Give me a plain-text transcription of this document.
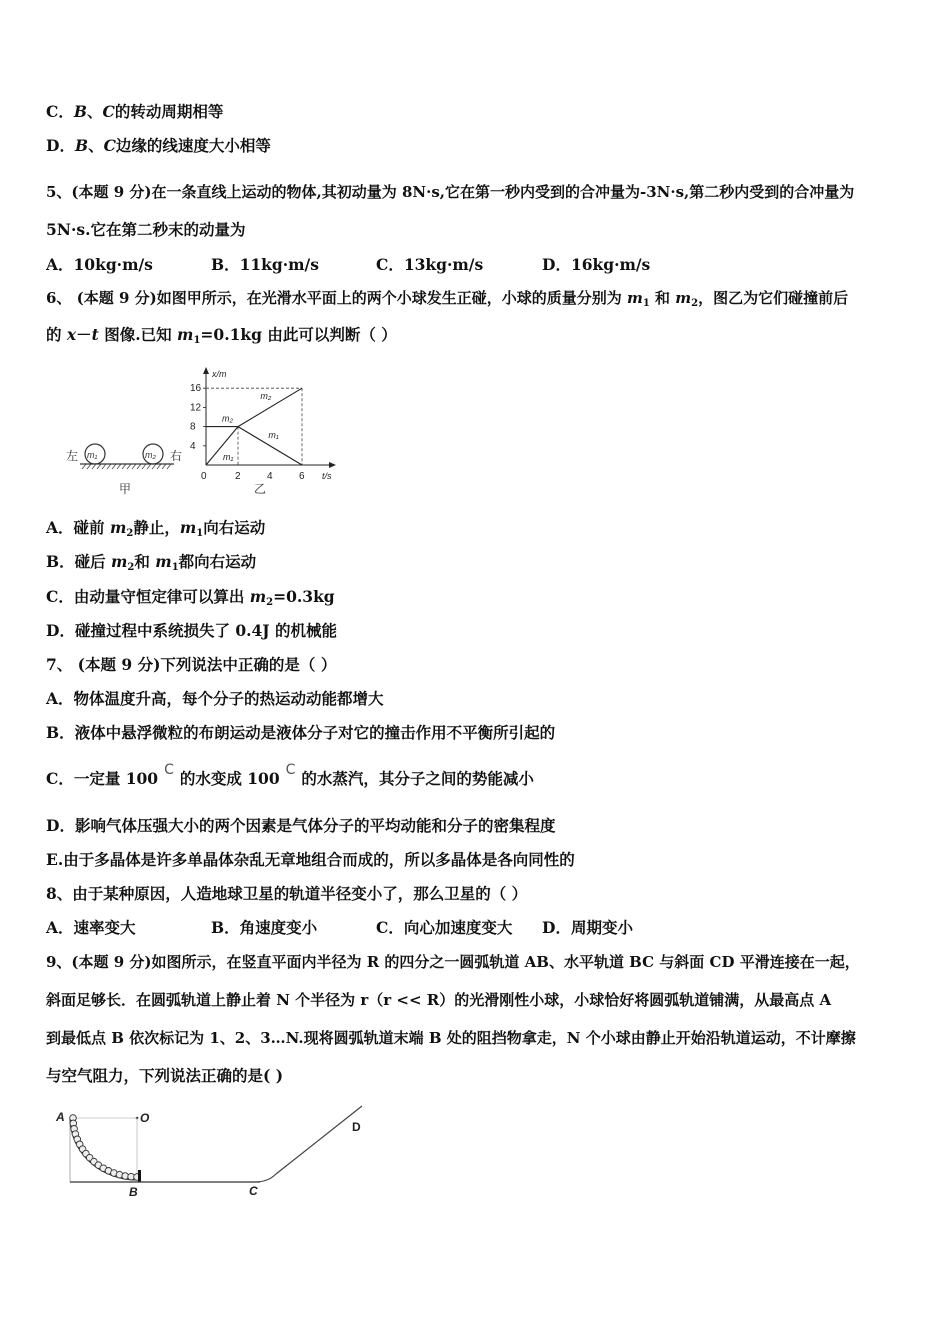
C．B、C的转动周期相等
D．B、C边缘的线速度大小相等
5、(本题 9 分)在一条直线上运动的物体,其初动量为 8N·s,它在第一秒内受到的合冲量为-3N·s,第二秒内受到的合冲量为
5N·s.它在第二秒末的动量为
A．10kg·m/s	B．11kg·m/s	C．13kg·m/s	D．16kg·m/s
6、 (本题 9 分)如图甲所示，在光滑水平面上的两个小球发生正碰，小球的质量分别为 $m_1$ 和 $m_2$，图乙为它们碰撞前后
的 x－t 图像.已知 $m_1=0.1kg$ 由此可以判断（ ）
左 m₁	m₂ 右
甲
x/m
t/s
16
12
8
4
0	2	4	6
m₂
m₁
m₂
m₁
乙
A．碰前 $m_2$静止，$m_1$向右运动
B．碰后 $m_2$和 $m_1$都向右运动
C．由动量守恒定律可以算出 $m_2=0.3kg$
D．碰撞过程中系统损失了 0.4J 的机械能
7、 (本题 9 分)下列说法中正确的是（ ）
A．物体温度升高，每个分子的热运动动能都增大
B．液体中悬浮微粒的布朗运动是液体分子对它的撞击作用不平衡所引起的
C．一定量 100 C 的水变成 100 C 的水蒸汽，其分子之间的势能减小
D．影响气体压强大小的两个因素是气体分子的平均动能和分子的密集程度
E.由于多晶体是许多单晶体杂乱无章地组合而成的，所以多晶体是各向同性的
8、由于某种原因，人造地球卫星的轨道半径变小了，那么卫星的（ ）
A．速率变大	B．角速度变小	C．向心加速度变大 D．周期变小
9、(本题 9 分)如图所示，在竖直平面内半径为 R 的四分之一圆弧轨道 AB、水平轨道 BC 与斜面 CD 平滑连接在一起，
斜面足够长．在圆弧轨道上静止着 N 个半径为 r（r << R）的光滑刚性小球，小球恰好将圆弧轨道铺满，从最高点 A
到最低点 B 依次标记为 1、2、3…N.现将圆弧轨道末端 B 处的阻挡物拿走，N 个小球由静止开始沿轨道运动，不计摩擦
与空气阻力，下列说法正确的是( )
A	O
B	C
D
